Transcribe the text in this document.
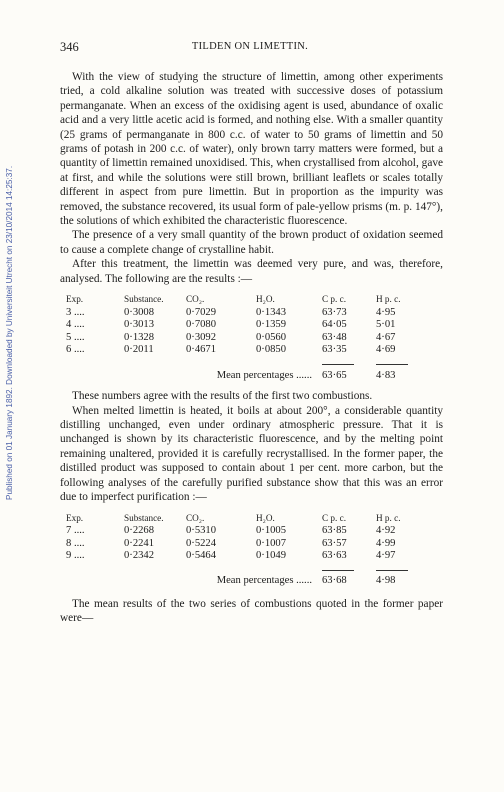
Published on 01 January 1892. Downloaded by Universiteit Utrecht on 23/10/2014 14:25:37.
346	TILDEN ON LIMETTIN.

With the view of studying the structure of limettin, among other experiments tried, a cold alkaline solution was treated with successive doses of potassium permanganate. When an excess of the oxidising agent is used, abundance of oxalic acid and a very little acetic acid is formed, and nothing else. With a smaller quantity (25 grams of permanganate in 800 c.c. of water to 50 grams of limettin and 50 grams of potash in 200 c.c. of water), only brown tarry matters were formed, but a quantity of limettin remained unoxidised. This, when crystallised from alcohol, gave at first, and while the solutions were still brown, brilliant leaflets or scales totally different in aspect from pure limettin. But in proportion as the impurity was removed, the substance recovered, its usual form of pale-yellow prisms (m. p. 147°), the solutions of which exhibited the characteristic fluorescence.

The presence of a very small quantity of the brown product of oxidation seemed to cause a complete change of crystalline habit.

After this treatment, the limettin was deemed very pure, and was, therefore, analysed. The following are the results :—

Exp.	Substance.	CO₂.	H₂O.	C p. c.	H p. c.
3 ....	0·3008	0·7029	0·1343	63·73	4·95
4 ....	0·3013	0·7080	0·1359	64·05	5·01
5 ....	0·1328	0·3092	0·0560	63·48	4·67
6 ....	0·2011	0·4671	0·0850	63·35	4·69

Mean percentages ......				63·65	4·83

These numbers agree with the results of the first two combustions.

When melted limettin is heated, it boils at about 200°, a considerable quantity distilling unchanged, even under ordinary atmospheric pressure. That it is unchanged is shown by its characteristic fluorescence, and by the melting point remaining unaltered, provided it is carefully recrystallised. In the former paper, the distilled product was supposed to contain about 1 per cent. more carbon, but the following analyses of the carefully purified substance show that this was an error due to imperfect purification :—

Exp.	Substance.	CO₂.	H₂O.	C p. c.	H p. c.
7 ....	0·2268	0·5310	0·1005	63·85	4·92
8 ....	0·2241	0·5224	0·1007	63·57	4·99
9 ....	0·2342	0·5464	0·1049	63·63	4·97

Mean percentages ......				63·68	4·98

The mean results of the two series of combustions quoted in the former paper were—
